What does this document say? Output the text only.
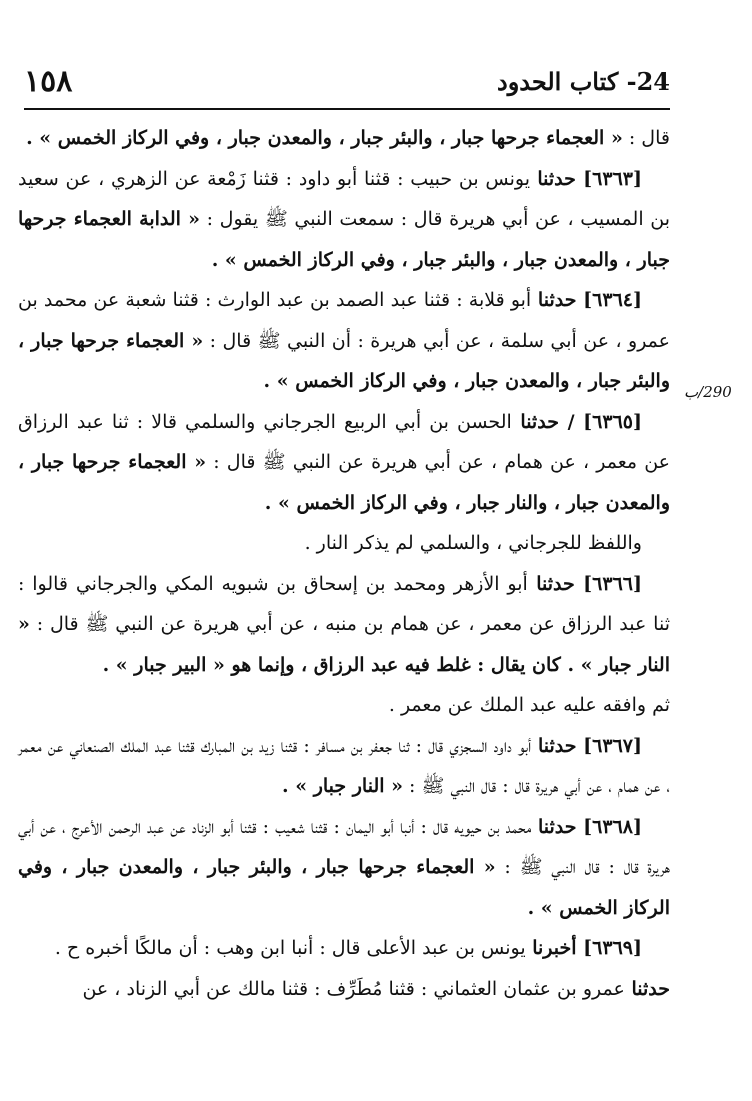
١٥٨	24- كتاب الحدود
290/ب

قال : « العجماء جرحها جبار ، والبئر جبار ، والمعدن جبار ، وفي الركاز الخمس » .

[٦٣٦٣] حدثنا يونس بن حبيب : قثنا أبو داود : قثنا زَمْعة عن الزهري ، عن سعيد بن المسيب ، عن أبي هريرة قال : سمعت النبي ﷺ يقول : « الدابة العجماء جرحها جبار ، والمعدن جبار ، والبئر جبار ، وفي الركاز الخمس » .

[٦٣٦٤] حدثنا أبو قلابة : قثنا عبد الصمد بن عبد الوارث : قثنا شعبة عن محمد بن عمرو ، عن أبي سلمة ، عن أبي هريرة : أن النبي ﷺ قال : « العجماء جرحها جبار ، والبئر جبار ، والمعدن جبار ، وفي الركاز الخمس » .

[٦٣٦٥] / حدثنا الحسن بن أبي الربيع الجرجاني والسلمي قالا : ثنا عبد الرزاق عن معمر ، عن همام ، عن أبي هريرة عن النبي ﷺ قال : « العجماء جرحها جبار ، والمعدن جبار ، والنار جبار ، وفي الركاز الخمس » .

واللفظ للجرجاني ، والسلمي لم يذكر النار .

[٦٣٦٦] حدثنا أبو الأزهر ومحمد بن إسحاق بن شبويه المكي والجرجاني قالوا : ثنا عبد الرزاق عن معمر ، عن همام بن منبه ، عن أبي هريرة عن النبي ﷺ قال : « النار جبار » . كان يقال : غلط فيه عبد الرزاق ، وإنما هو « البير جبار » .

ثم وافقه عليه عبد الملك عن معمر .

[٦٣٦٧] حدثنا أبو داود السجزي قال : ثنا جعفر بن مسافر : قثنا زيد بن المبارك قثنا عبد الملك الصنعاني عن معمر ، عن همام ، عن أبي هريرة قال : قال النبي ﷺ : « النار جبار » .

[٦٣٦٨] حدثنا محمد بن حيويه قال : أنبا أبو اليمان : قثنا شعيب : قثنا أبو الزناد عن عبد الرحمن الأعرج ، عن أبي هريرة قال : قال النبي ﷺ : « العجماء جرحها جبار ، والبئر جبار ، والمعدن جبار ، وفي الركاز الخمس » .

[٦٣٦٩] أخبرنا يونس بن عبد الأعلى قال : أنبا ابن وهب : أن مالكًا أخبره ح .

حدثنا عمرو بن عثمان العثماني : قثنا مُطَرِّف : قثنا مالك عن أبي الزناد ، عن
